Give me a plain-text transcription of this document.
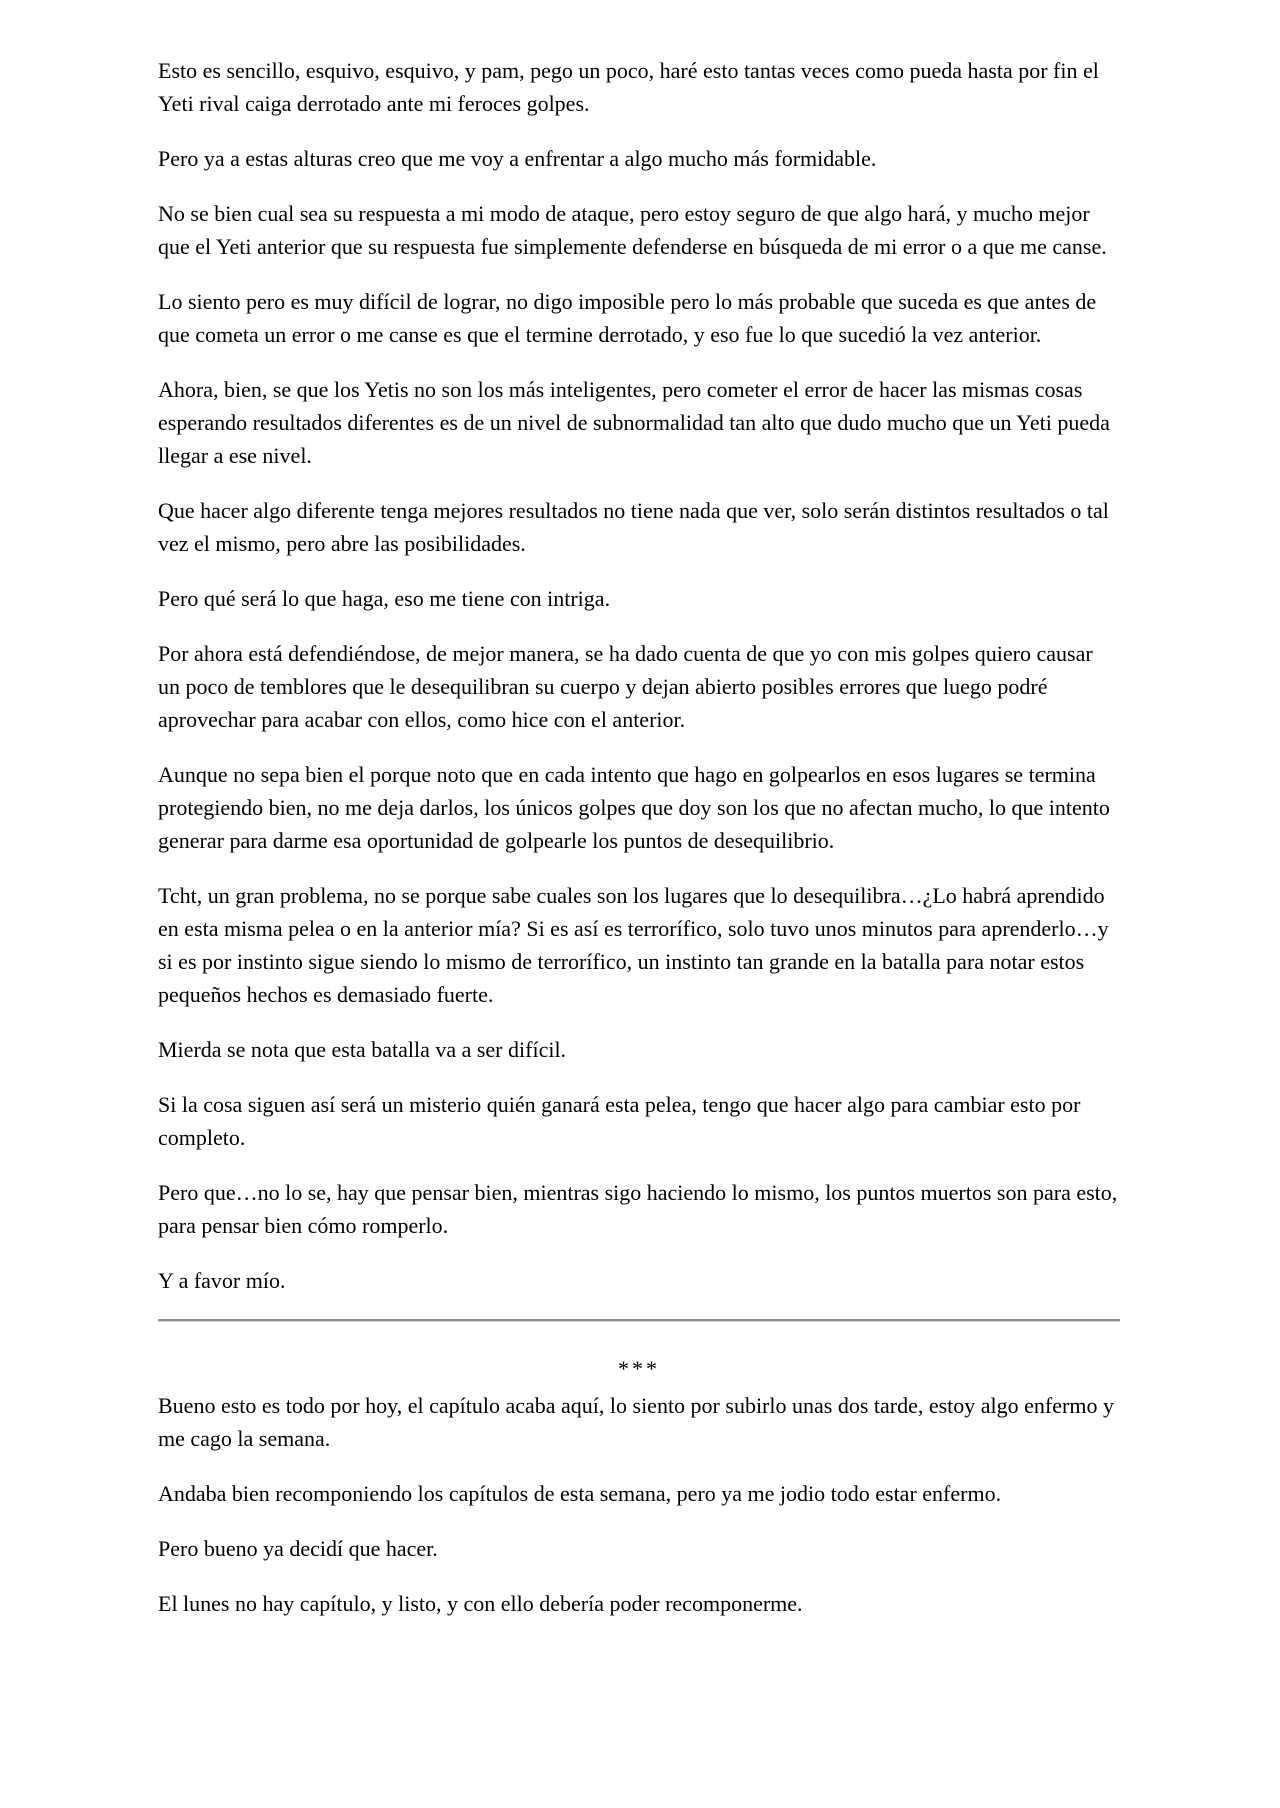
Esto es sencillo, esquivo, esquivo, y pam, pego un poco, haré esto tantas veces como pueda hasta por fin el Yeti rival caiga derrotado ante mi feroces golpes.

Pero ya a estas alturas creo que me voy a enfrentar a algo mucho más formidable.

No se bien cual sea su respuesta a mi modo de ataque, pero estoy seguro de que algo hará, y mucho mejor que el Yeti anterior que su respuesta fue simplemente defenderse en búsqueda de mi error o a que me canse.

Lo siento pero es muy difícil de lograr, no digo imposible pero lo más probable que suceda es que antes de que cometa un error o me canse es que el termine derrotado, y eso fue lo que sucedió la vez anterior.

Ahora, bien, se que los Yetis no son los más inteligentes, pero cometer el error de hacer las mismas cosas esperando resultados diferentes es de un nivel de subnormalidad tan alto que dudo mucho que un Yeti pueda llegar a ese nivel.

Que hacer algo diferente tenga mejores resultados no tiene nada que ver, solo serán distintos resultados o tal vez el mismo, pero abre las posibilidades.

Pero qué será lo que haga, eso me tiene con intriga.

Por ahora está defendiéndose, de mejor manera, se ha dado cuenta de que yo con mis golpes quiero causar un poco de temblores que le desequilibran su cuerpo y dejan abierto posibles errores que luego podré aprovechar para acabar con ellos, como hice con el anterior.

Aunque no sepa bien el porque noto que en cada intento que hago en golpearlos en esos lugares se termina protegiendo bien, no me deja darlos, los únicos golpes que doy son los que no afectan mucho, lo que intento generar para darme esa oportunidad de golpearle los puntos de desequilibrio.

Tcht, un gran problema, no se porque sabe cuales son los lugares que lo desequilibra…¿Lo habrá aprendido en esta misma pelea o en la anterior mía? Si es así es terrorífico, solo tuvo unos minutos para aprenderlo…y si es por instinto sigue siendo lo mismo de terrorífico, un instinto tan grande en la batalla para notar estos pequeños hechos es demasiado fuerte.

Mierda se nota que esta batalla va a ser difícil.

Si la cosa siguen así será un misterio quién ganará esta pelea, tengo que hacer algo para cambiar esto por completo.

Pero que…no lo se, hay que pensar bien, mientras sigo haciendo lo mismo, los puntos muertos son para esto, para pensar bien cómo romperlo.

Y a favor mío.

***

Bueno esto es todo por hoy, el capítulo acaba aquí, lo siento por subirlo unas dos tarde, estoy algo enfermo y me cago la semana.

Andaba bien recomponiendo los capítulos de esta semana, pero ya me jodio todo estar enfermo.

Pero bueno ya decidí que hacer.

El lunes no hay capítulo, y listo, y con ello debería poder recomponerme.
